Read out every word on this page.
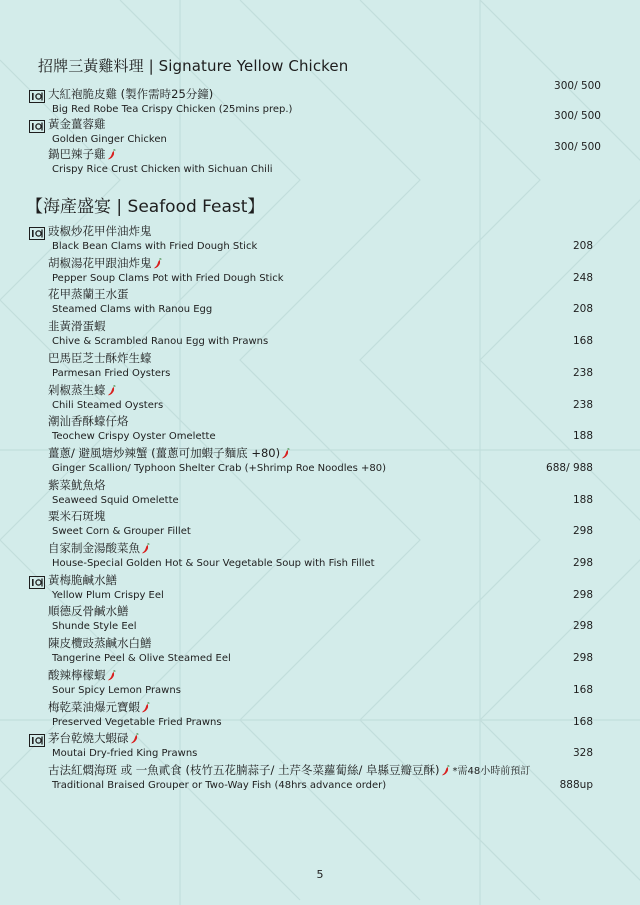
招牌三黃雞料理 | Signature Yellow Chicken
大紅袍脆皮雞 (製作需時25分鐘)
Big Red Robe Tea Crispy Chicken (25mins prep.)
300/ 500
黃金薑蓉雞
Golden Ginger Chicken
300/ 500
鍋巴辣子雞
Crispy Rice Crust Chicken with Sichuan Chili
300/ 500
【海產盛宴 | Seafood Feast】
豉椒炒花甲伴油炸鬼
Black Bean Clams with Fried Dough Stick	208
胡椒湯花甲跟油炸鬼
Pepper Soup Clams Pot with Fried Dough Stick	248
花甲蒸蘭王水蛋
Steamed Clams with Ranou Egg	208
韭黃滑蛋蝦
Chive & Scrambled Ranou Egg with Prawns	168
巴馬臣芝士酥炸生蠔
Parmesan Fried Oysters	238
剁椒蒸生蠔
Chili Steamed Oysters	238
潮汕香酥蠔仔烙
Teochew Crispy Oyster Omelette	188
薑蔥/ 避風塘炒辣蟹 (薑蔥可加蝦子麵底 +80)
Ginger Scallion/ Typhoon Shelter Crab (+Shrimp Roe Noodles +80)	688/ 988
紫菜魷魚烙
Seaweed Squid Omelette	188
粟米石斑塊
Sweet Corn & Grouper Fillet	298
自家制金湯酸菜魚
House-Special Golden Hot & Sour Vegetable Soup with Fish Fillet	298
黃梅脆鹹水鱔
Yellow Plum Crispy Eel	298
順德反骨鹹水鱔
Shunde Style Eel	298
陳皮欖豉蒸鹹水白鱔
Tangerine Peel & Olive Steamed Eel	298
酸辣檸檬蝦
Sour Spicy Lemon Prawns	168
梅乾菜油爆元寶蝦
Preserved Vegetable Fried Prawns	168
茅台乾燒大蝦碌
Moutai Dry-fried King Prawns	328
古法紅燜海斑 或 一魚貳食 (枝竹五花腩蒜子/ 土芹冬菜蘿蔔絲/ 阜縣豆瓣豆酥) *需48小時前預訂
Traditional Braised Grouper or Two-Way Fish (48hrs advance order)	888up
5
